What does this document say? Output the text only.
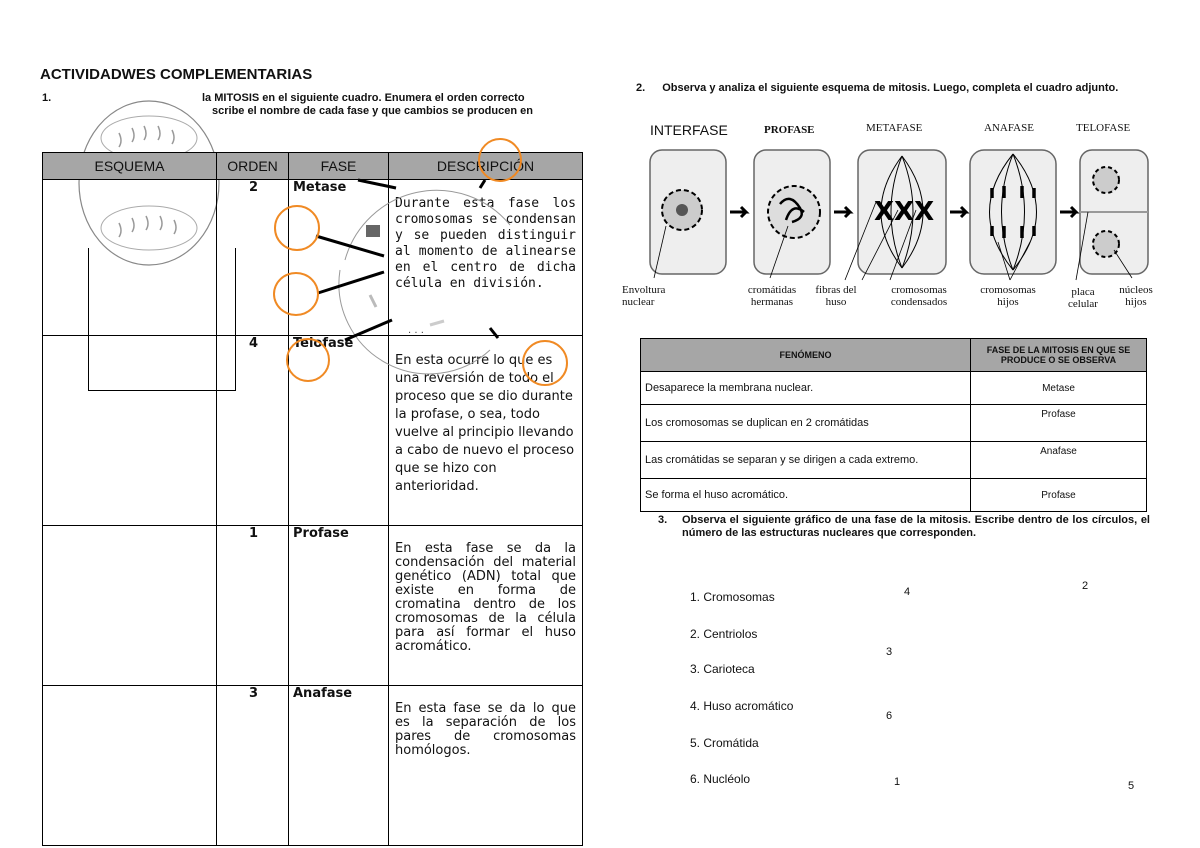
ACTIVIDADWES COMPLEMENTARIAS
1.	la MITOSIS en el siguiente cuadro. Enumera el orden correcto
scribe el nombre de cada fase y que cambios se producen en
ESQUEMA	ORDEN	FASE	DESCRIPCIÓN
	2	Metase	Durante esta fase los cromosomas se condensan y se pueden distinguir al momento de alinearse en el centro de dicha célula en división.
	4	Telofase	En esta ocurre lo que es una reversión de todo el proceso que se dio durante la profase, o sea, todo vuelve al principio llevando a cabo de nuevo el proceso que se hizo con anterioridad.
	1	Profase	En esta fase se da la condensación del material genético (ADN) total que existe en forma de cromatina dentro de los cromosomas de la célula para así formar el huso acromático.
	3	Anafase	En esta fase se da lo que es la separación de los pares de cromosomas homólogos.
· · ·
2. Observa y analiza el siguiente esquema de mitosis. Luego, completa el cuadro adjunto.
INTERFASE	PROFASE	METAFASE	ANAFASE	TELOFASE
XXX
Envoltura nuclear
cromátidas hermanas
fibras del huso
cromosomas condensados
cromosomas hijos
placa celular
núcleos hijos
FENÓMENO	FASE DE LA MITOSIS EN QUE SE PRODUCE O SE OBSERVA
Desaparece la membrana nuclear.	Metase
Los cromosomas se duplican en 2 cromátidas	Profase
Las cromátidas se separan y se dirigen a cada extremo.	Anafase
Se forma el huso acromático.	Profase
3.	Observa el siguiente gráfico de una fase de la mitosis. Escribe dentro de los círculos, el número de las estructuras nucleares que corresponden.
1. Cromosomas
2. Centriolos
3. Carioteca
4. Huso acromático
5. Cromátida
6. Nucléolo
4	2
3
6
1	5
